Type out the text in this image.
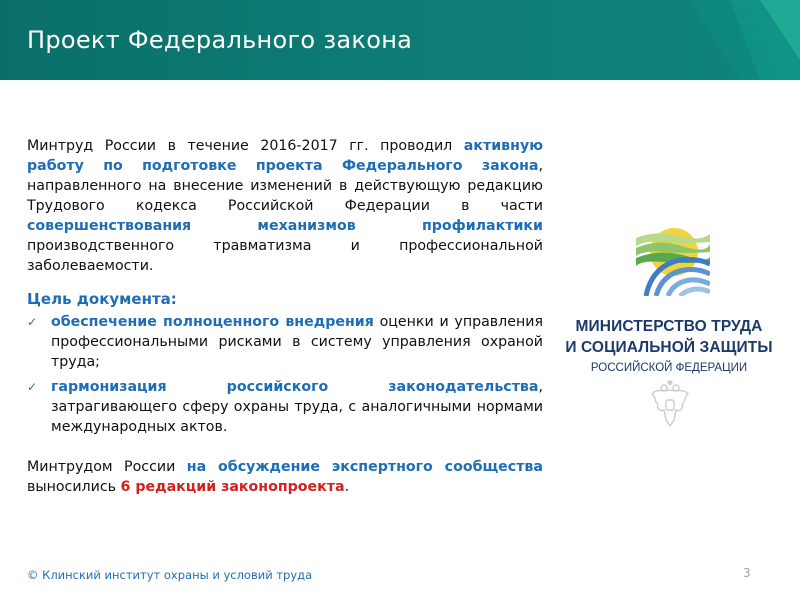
Проект Федерального закона

Минтруд России в течение 2016-2017 гг. проводил активную работу по подготовке проекта Федерального закона, направленного на внесение изменений в действующую редакцию Трудового кодекса Российской Федерации в части совершенствования механизмов профилактики производственного травматизма и профессиональной заболеваемости.

Цель документа:

✓ обеспечение полноценного внедрения оценки и управления профессиональными рисками в систему управления охраной труда;
✓ гармонизация российского законодательства, затрагивающего сферу охраны труда, с аналогичными нормами международных актов.

Минтрудом России на обсуждение экспертного сообщества выносились 6 редакций законопроекта.

МИНИСТЕРСТВО ТРУДА
И СОЦИАЛЬНОЙ ЗАЩИТЫ
РОССИЙСКОЙ ФЕДЕРАЦИИ
© Клинский институт охраны и условий труда	3
